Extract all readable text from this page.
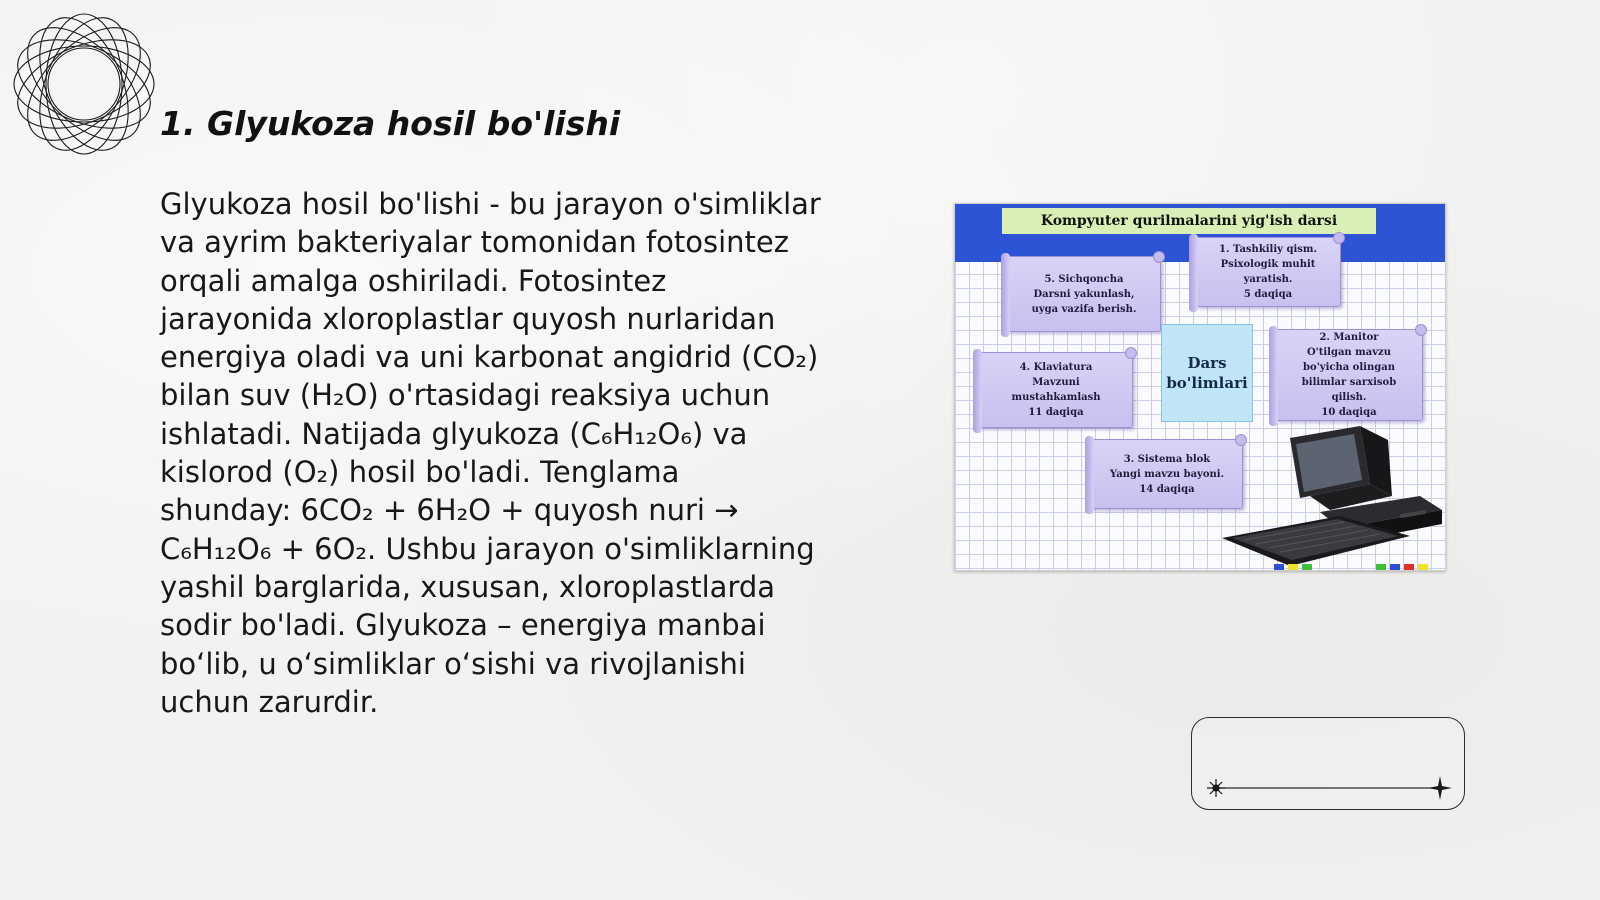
1. Glyukoza hosil bo'lishi
Glyukoza hosil bo'lishi - bu jarayon o'simliklar
va ayrim bakteriyalar tomonidan fotosintez
orqali amalga oshiriladi. Fotosintez
jarayonida xloroplastlar quyosh nurlaridan
energiya oladi va uni karbonat angidrid (CO₂)
bilan suv (H₂O) o'rtasidagi reaksiya uchun
ishlatadi. Natijada glyukoza (C₆H₁₂O₆) va
kislorod (O₂) hosil bo'ladi. Tenglama
shunday: 6CO₂ + 6H₂O + quyosh nuri →
C₆H₁₂O₆ + 6O₂. Ushbu jarayon o'simliklarning
yashil barglarida, xususan, xloroplastlarda
sodir bo'ladi. Glyukoza – energiya manbai
bo‘lib, u o‘simliklar o‘sishi va rivojlanishi
uchun zarurdir.
Kompyuter qurilmalarini yig'ish darsi
1. Tashkiliy qism.
Psixologik muhit
yaratish.
5 daqiqa
2. Manitor
O'tilgan mavzu
bo'yicha olingan
bilimlar sarxisob
qilish.
10 daqiqa
3. Sistema blok
Yangi mavzu bayoni.
14 daqiqa
4. Klaviatura
Mavzuni
mustahkamlash
11 daqiqa
5. Sichqoncha
Darsni yakunlash,
uyga vazifa berish.
Dars
bo'limlari
